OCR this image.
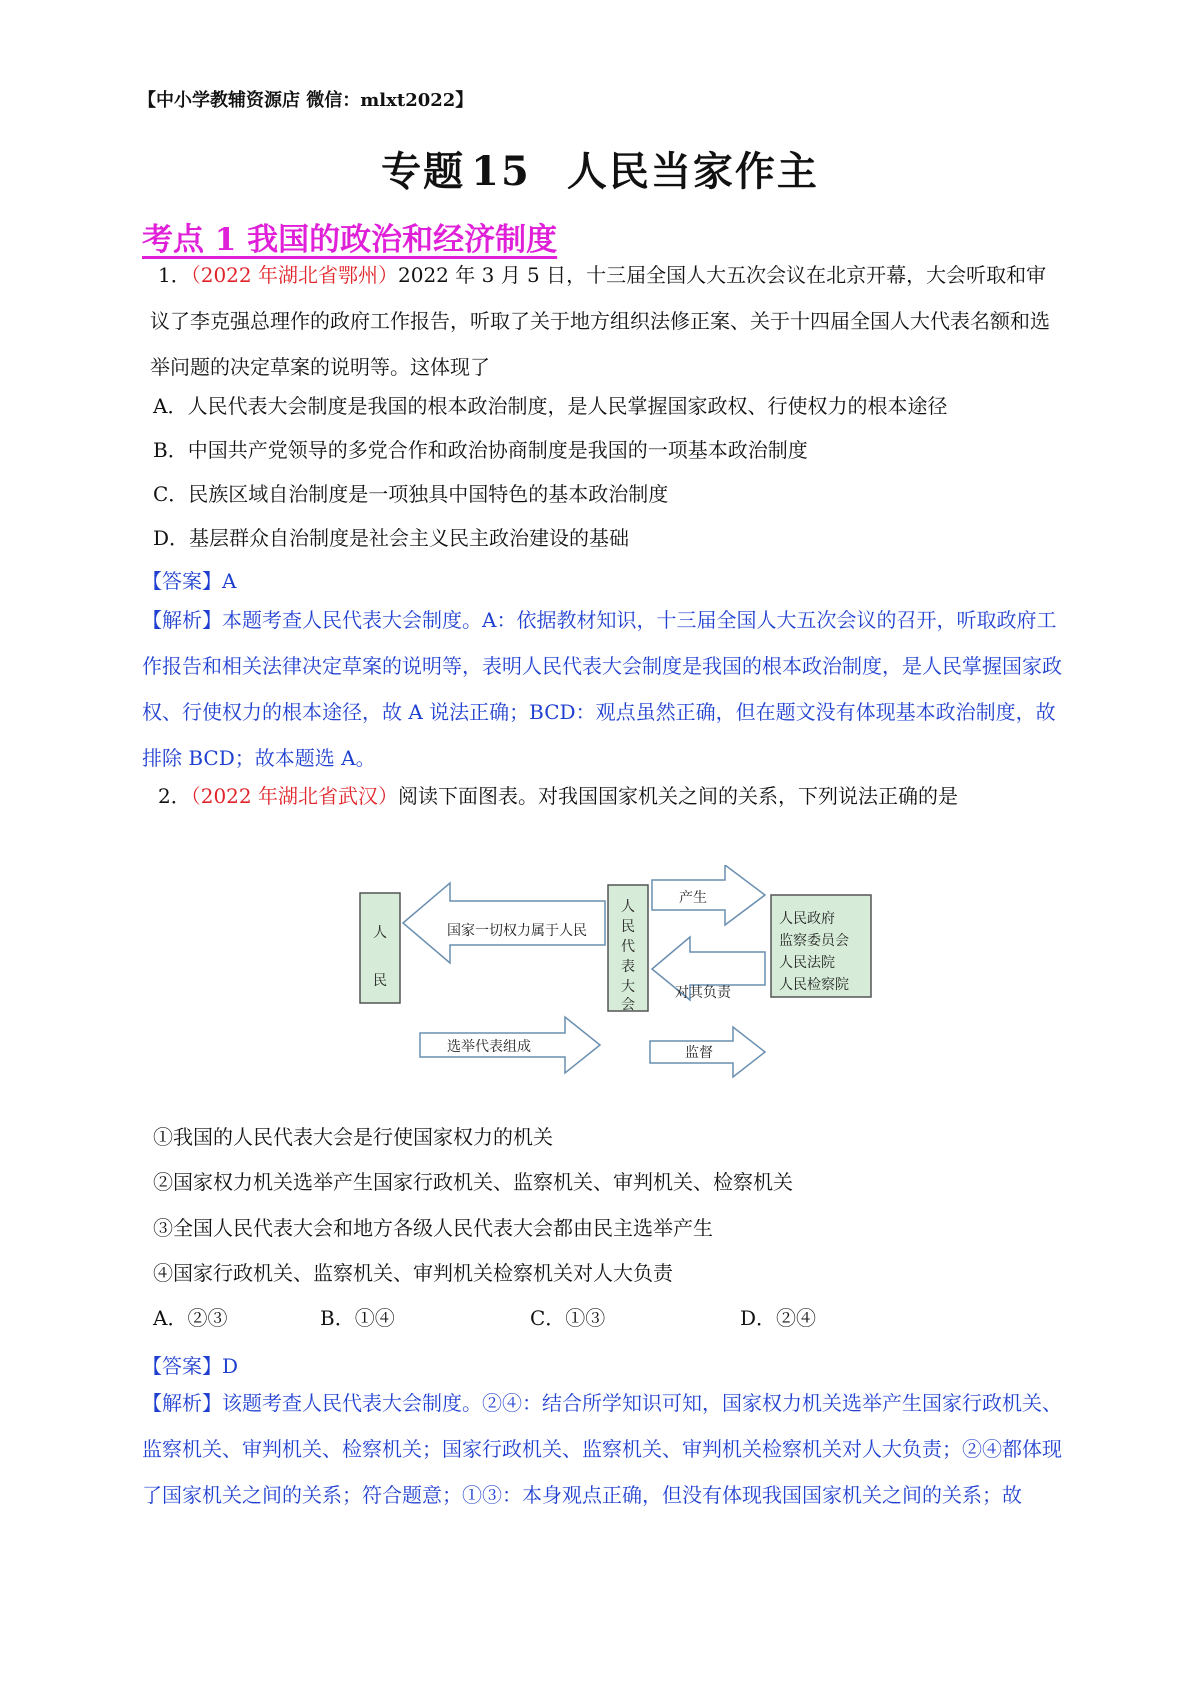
【中小学教辅资源店 微信：mlxt2022】
专题 15 人民当家作主
考点 1 我国的政治和经济制度
1．（2022 年湖北省鄂州）2022 年 3 月 5 日，十三届全国人大五次会议在北京开幕，大会听取和审议了李克强总理作的政府工作报告，听取了关于地方组织法修正案、关于十四届全国人大代表名额和选举问题的决定草案的说明等。这体现了
A．人民代表大会制度是我国的根本政治制度，是人民掌握国家政权、行使权力的根本途径
B．中国共产党领导的多党合作和政治协商制度是我国的一项基本政治制度
C．民族区域自治制度是一项独具中国特色的基本政治制度
D．基层群众自治制度是社会主义民主政治建设的基础
【答案】A
【解析】本题考查人民代表大会制度。A：依据教材知识，十三届全国人大五次会议的召开，听取政府工作报告和相关法律决定草案的说明等，表明人民代表大会制度是我国的根本政治制度，是人民掌握国家政权、行使权力的根本途径，故 A 说法正确；BCD：观点虽然正确，但在题文没有体现基本政治制度，故排除 BCD；故本题选 A。
2．（2022 年湖北省武汉）阅读下面图表。对我国国家机关之间的关系，下列说法正确的是
人
民
人
民
代
表
大
会
人民政府
监察委员会
人民法院
人民检察院
国家一切权力属于人民
产生
对其负责
选举代表组成	监督
①我国的人民代表大会是行使国家权力的机关
②国家权力机关选举产生国家行政机关、监察机关、审判机关、检察机关
③全国人民代表大会和地方各级人民代表大会都由民主选举产生
④国家行政机关、监察机关、审判机关检察机关对人大负责
A．②③	B．①④	C．①③	D．②④
【答案】D
【解析】该题考查人民代表大会制度。②④：结合所学知识可知，国家权力机关选举产生国家行政机关、监察机关、审判机关、检察机关；国家行政机关、监察机关、审判机关检察机关对人大负责；②④都体现了国家机关之间的关系；符合题意；①③：本身观点正确，但没有体现我国国家机关之间的关系；故
